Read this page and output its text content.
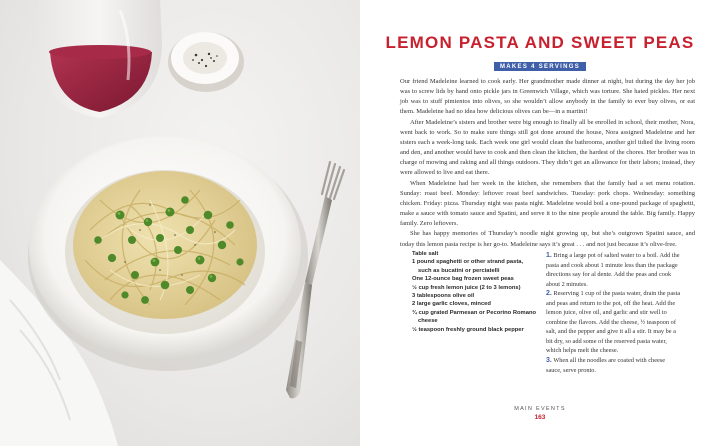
LEMON PASTA AND SWEET PEAS
MAKES 4 SERVINGS

Our friend Madeleine learned to cook early. Her grandmother made dinner at night, but during the day her job was to screw lids by hand onto pickle jars in Greenwich Village, which was torture. She hated pickles. Her next job was to stuff pimientos into olives, so she wouldn’t allow anybody in the family to ever buy olives, or eat them. Madeleine had no idea how delicious olives can be—in a martini!

After Madeleine’s sisters and brother were big enough to finally all be enrolled in school, their mother, Nora, went back to work. So to make sure things still got done around the house, Nora assigned Madeleine and her sisters each a week-long task. Each week one girl would clean the bathrooms, another girl tidied the living room and den, and another would have to cook and then clean the kitchen, the hardest of the chores. Her brother was in charge of mowing and raking and all things outdoors. They didn’t get an allowance for their labors; instead, they were allowed to live and eat there.

When Madeleine had her week in the kitchen, she remembers that the family had a set menu rotation. Sunday: roast beef. Monday: leftover roast beef sandwiches. Tuesday: pork chops. Wednesday: something chicken. Friday: pizza. Thursday night was pasta night. Madeleine would boil a one-pound package of spaghetti, make a sauce with tomato sauce and Spatini, and serve it to the nine people around the table. Big family. Happy family. Zero leftovers.

She has happy memories of Thursday’s noodle night growing up, but she’s outgrown Spatini sauce, and today this lemon pasta recipe is her go-to. Madeleine says it’s great . . . and not just because it’s olive-free.

Table salt
1 pound spaghetti or other strand pasta, such as bucatini or perciatelli
One 12-ounce bag frozen sweet peas
½ cup fresh lemon juice (2 to 3 lemons)
3 tablespoons olive oil
2 large garlic cloves, minced
¾ cup grated Parmesan or Pecorino Romano cheese
½ teaspoon freshly ground black pepper
1. Bring a large pot of salted water to a boil. Add the pasta and cook about 1 minute less than the package directions say for al dente. Add the peas and cook about 2 minutes.
2. Reserving 1 cup of the pasta water, drain the pasta and peas and return to the pot, off the heat. Add the lemon juice, olive oil, and garlic and stir well to combine the flavors. Add the cheese, ½ teaspoon of salt, and the pepper and give it all a stir. It may be a bit dry, so add some of the reserved pasta water, which helps melt the cheese.
3. When all the noodles are coated with cheese sauce, serve pronto.
MAIN EVENTS
163
